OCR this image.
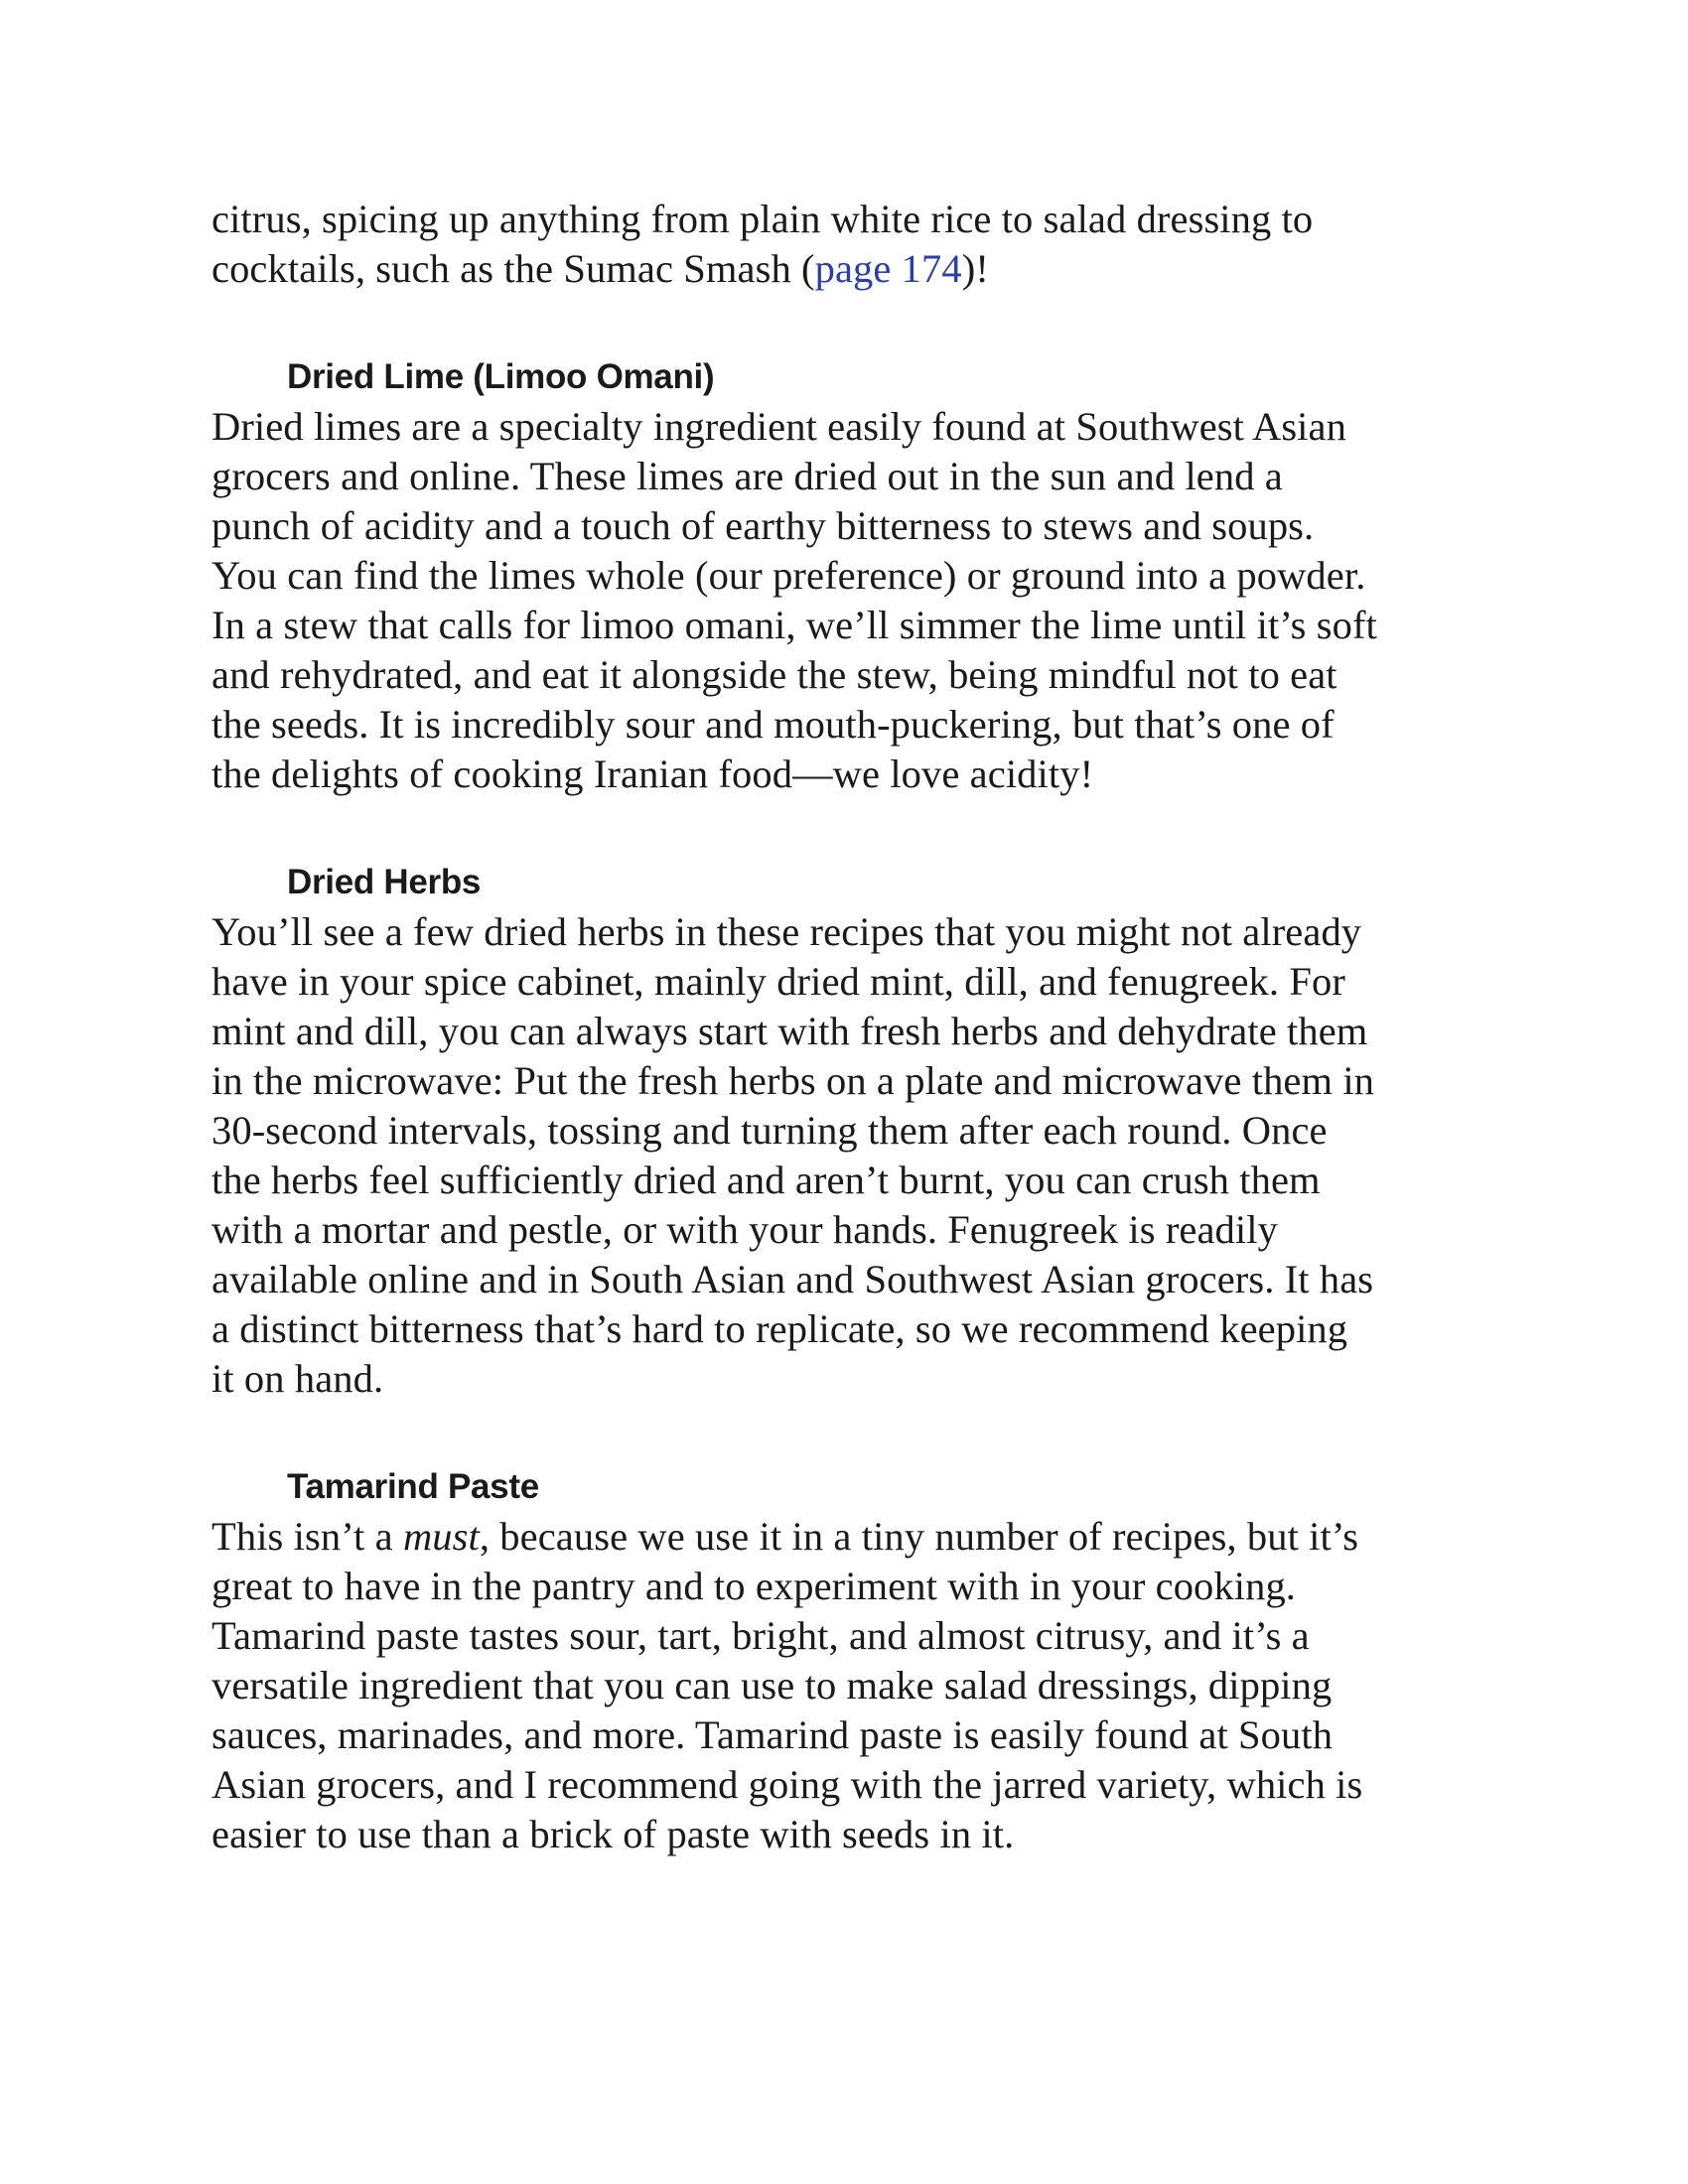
citrus, spicing up anything from plain white rice to salad dressing to
cocktails, such as the Sumac Smash (page 174)!

Dried Lime (Limoo Omani)

Dried limes are a specialty ingredient easily found at Southwest Asian
grocers and online. These limes are dried out in the sun and lend a
punch of acidity and a touch of earthy bitterness to stews and soups.
You can find the limes whole (our preference) or ground into a powder.
In a stew that calls for limoo omani, we’ll simmer the lime until it’s soft
and rehydrated, and eat it alongside the stew, being mindful not to eat
the seeds. It is incredibly sour and mouth-puckering, but that’s one of
the delights of cooking Iranian food—we love acidity!

Dried Herbs

You’ll see a few dried herbs in these recipes that you might not already
have in your spice cabinet, mainly dried mint, dill, and fenugreek. For
mint and dill, you can always start with fresh herbs and dehydrate them
in the microwave: Put the fresh herbs on a plate and microwave them in
30-second intervals, tossing and turning them after each round. Once
the herbs feel sufficiently dried and aren’t burnt, you can crush them
with a mortar and pestle, or with your hands. Fenugreek is readily
available online and in South Asian and Southwest Asian grocers. It has
a distinct bitterness that’s hard to replicate, so we recommend keeping
it on hand.

Tamarind Paste

This isn’t a must, because we use it in a tiny number of recipes, but it’s
great to have in the pantry and to experiment with in your cooking.
Tamarind paste tastes sour, tart, bright, and almost citrusy, and it’s a
versatile ingredient that you can use to make salad dressings, dipping
sauces, marinades, and more. Tamarind paste is easily found at South
Asian grocers, and I recommend going with the jarred variety, which is
easier to use than a brick of paste with seeds in it.
